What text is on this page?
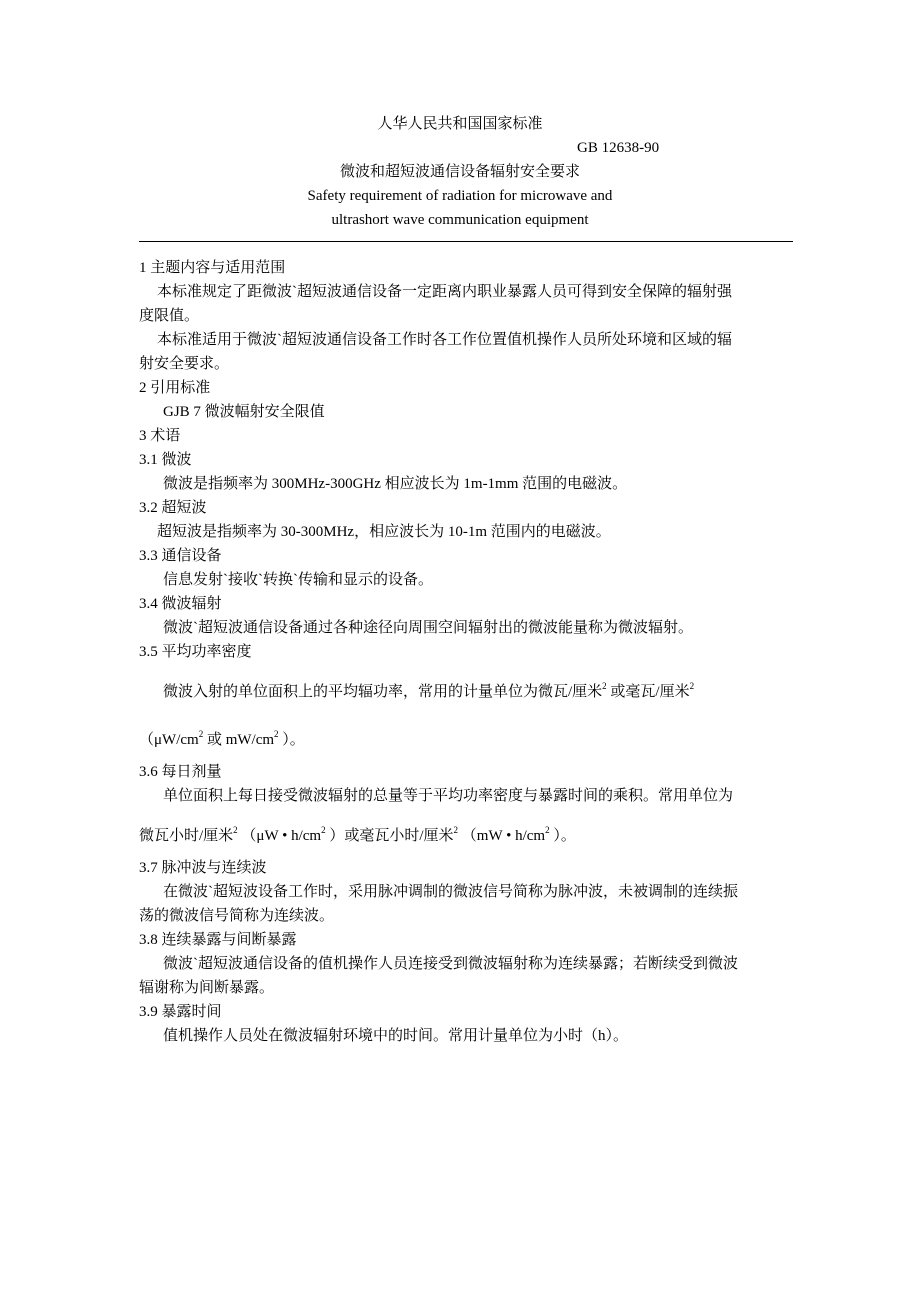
人华人民共和国国家标准
GB 12638-90
微波和超短波通信设备辐射安全要求
Safety requirement of radiation for microwave and
ultrashort wave communication equipment
1 主题内容与适用范围
本标准规定了距微波`超短波通信设备一定距离内职业暴露人员可得到安全保障的辐射强
度限值。
本标准适用于微波`超短波通信设备工作时各工作位置值机操作人员所处环境和区域的辐
射安全要求。
2 引用标准
GJB 7 微波幅射安全限值
3 术语
3.1 微波
微波是指频率为 300MHz-300GHz 相应波长为 1m-1mm 范围的电磁波。
3.2 超短波
超短波是指频率为 30-300MHz，相应波长为 10-1m 范围内的电磁波。
3.3 通信设备
信息发射`接收`转换`传输和显示的设备。
3.4 微波辐射
微波`超短波通信设备通过各种途径向周围空间辐射出的微波能量称为微波辐射。
3.5 平均功率密度
微波入射的单位面积上的平均辐功率，常用的计量单位为微瓦/厘米$^2$ 或毫瓦/厘米$^2$
（$\mu W/cm^2$ 或 $mW/cm^2$ ）。
3.6 每日剂量
单位面积上每日接受微波辐射的总量等于平均功率密度与暴露时间的乘积。常用单位为
微瓦小时/厘米$^2$ （μW • $h/cm^2$ ）或毫瓦小时/厘米$^2$ （mW • $h/cm^2$ ）。
3.7 脉冲波与连续波
在微波`超短波设备工作时，采用脉冲调制的微波信号简称为脉冲波，未被调制的连续振
荡的微波信号简称为连续波。
3.8 连续暴露与间断暴露
微波`超短波通信设备的值机操作人员连接受到微波辐射称为连续暴露；若断续受到微波
辐谢称为间断暴露。
3.9 暴露时间
值机操作人员处在微波辐射环境中的时间。常用计量单位为小时（h）。
